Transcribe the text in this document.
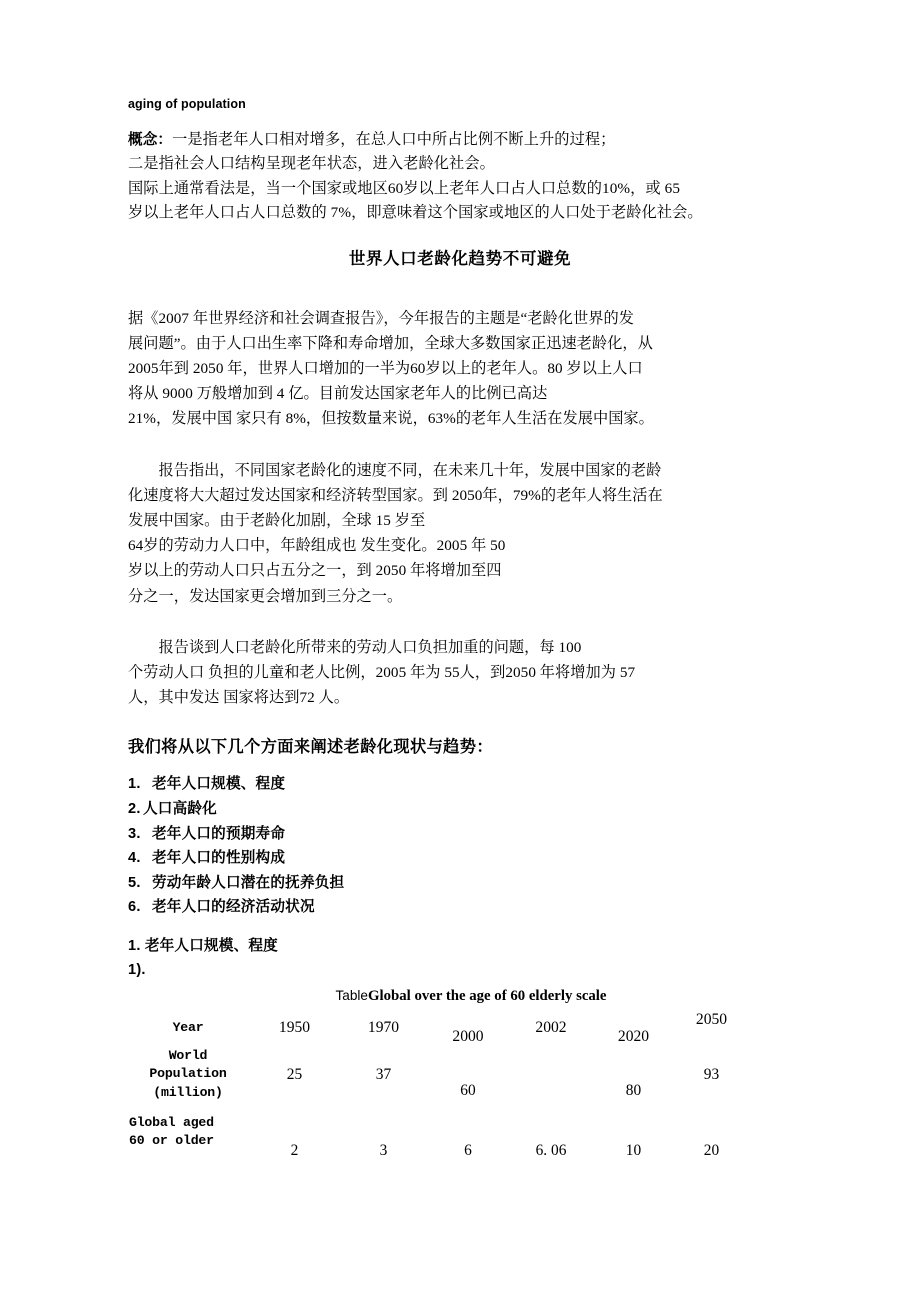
aging of population
概念：一是指老年人口相对增多，在总人口中所占比例不断上升的过程；
二是指社会人口结构呈现老年状态，进入老龄化社会。
国际上通常看法是，当一个国家或地区60岁以上老年人口占人口总数的10%，或 65
岁以上老年人口占人口总数的 7%，即意味着这个国家或地区的人口处于老龄化社会。
世界人口老龄化趋势不可避免
据《2007 年世界经济和社会调查报告》，今年报告的主题是“老龄化世界的发
展问题”。由于人口出生率下降和寿命增加，全球大多数国家正迅速老龄化，从
2005年到 2050 年，世界人口增加的一半为60岁以上的老年人。80 岁以上人口
将从 9000 万般增加到 4 亿。目前发达国家老年人的比例已高达
21%，发展中国 家只有 8%，但按数量来说，63%的老年人生活在发展中国家。
　　报告指出，不同国家老龄化的速度不同，在未来几十年，发展中国家的老龄
化速度将大大超过发达国家和经济转型国家。到 2050年，79%的老年人将生活在
发展中国家。由于老龄化加剧，全球 15 岁至
64岁的劳动力人口中，年龄组成也 发生变化。2005 年 50
岁以上的劳动人口只占五分之一，到 2050 年将增加至四
分之一，发达国家更会增加到三分之一。
　　报告谈到人口老龄化所带来的劳动人口负担加重的问题，每 100
个劳动人口 负担的儿童和老人比例，2005 年为 55人，到2050 年将增加为 57
人，其中发达 国家将达到72 人。
我们将从以下几个方面来阐述老龄化现状与趋势：
1. 老年人口规模、程度
2. 人口高龄化
3. 老年人口的预期寿命
4. 老年人口的性别构成
5. 劳动年龄人口潜在的抚养负担
6. 老年人口的经济活动状况
1. 老年人口规模、程度
1).
TableGlobal over the age of 60 elderly scale
Year	1950	1970	2000	2002	2020	2050

World
Population
(million)	25	37	60		80	93

Global aged
60 or older	2	3	6	6. 06	10	20
